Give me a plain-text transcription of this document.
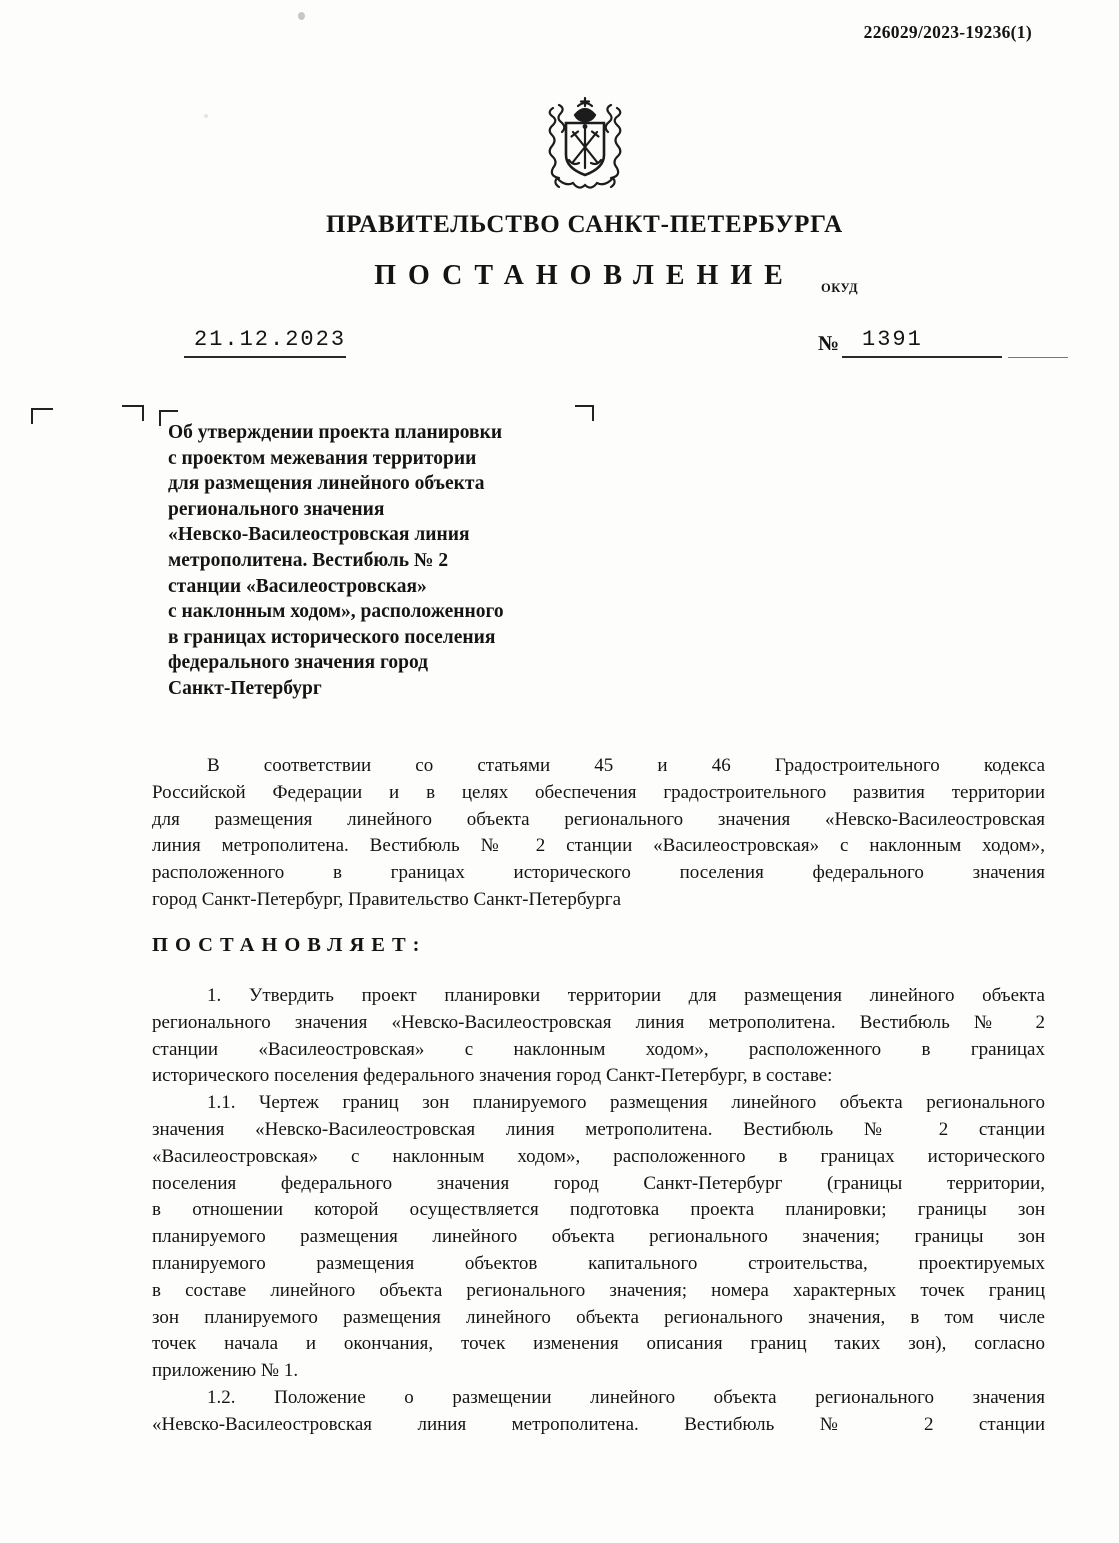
226029/2023-19236(1)
ПРАВИТЕЛЬСТВО САНКТ-ПЕТЕРБУРГА
ПОСТАНОВЛЕНИЕ	ОКУД
21.12.2023	№ 1391
Об утверждении проекта планировки
с проектом межевания территории
для размещения линейного объекта
регионального значения
«Невско-Василеостровская линия
метрополитена. Вестибюль № 2
станции «Василеостровская»
с наклонным ходом», расположенного
в границах исторического поселения
федерального значения город
Санкт-Петербург
В соответствии со статьями 45 и 46 Градостроительного кодекса
Российской Федерации и в целях обеспечения градостроительного развития территории
для размещения линейного объекта регионального значения «Невско-Василеостровская
линия метрополитена. Вестибюль № 2 станции «Василеостровская» с наклонным ходом»,
расположенного в границах исторического поселения федерального значения
город Санкт-Петербург, Правительство Санкт-Петербурга
ПОСТАНОВЛЯЕТ:
1. Утвердить проект планировки территории для размещения линейного объекта
регионального значения «Невско-Василеостровская линия метрополитена. Вестибюль № 2
станции «Василеостровская» с наклонным ходом», расположенного в границах
исторического поселения федерального значения город Санкт-Петербург, в составе:
1.1. Чертеж границ зон планируемого размещения линейного объекта регионального
значения «Невско-Василеостровская линия метрополитена. Вестибюль № 2 станции
«Василеостровская» с наклонным ходом», расположенного в границах исторического
поселения федерального значения город Санкт-Петербург (границы территории,
в отношении которой осуществляется подготовка проекта планировки; границы зон
планируемого размещения линейного объекта регионального значения; границы зон
планируемого размещения объектов капитального строительства, проектируемых
в составе линейного объекта регионального значения; номера характерных точек границ
зон планируемого размещения линейного объекта регионального значения, в том числе
точек начала и окончания, точек изменения описания границ таких зон), согласно
приложению № 1.
1.2. Положение о размещении линейного объекта регионального значения
«Невско-Василеостровская линия метрополитена. Вестибюль № 2 станции
